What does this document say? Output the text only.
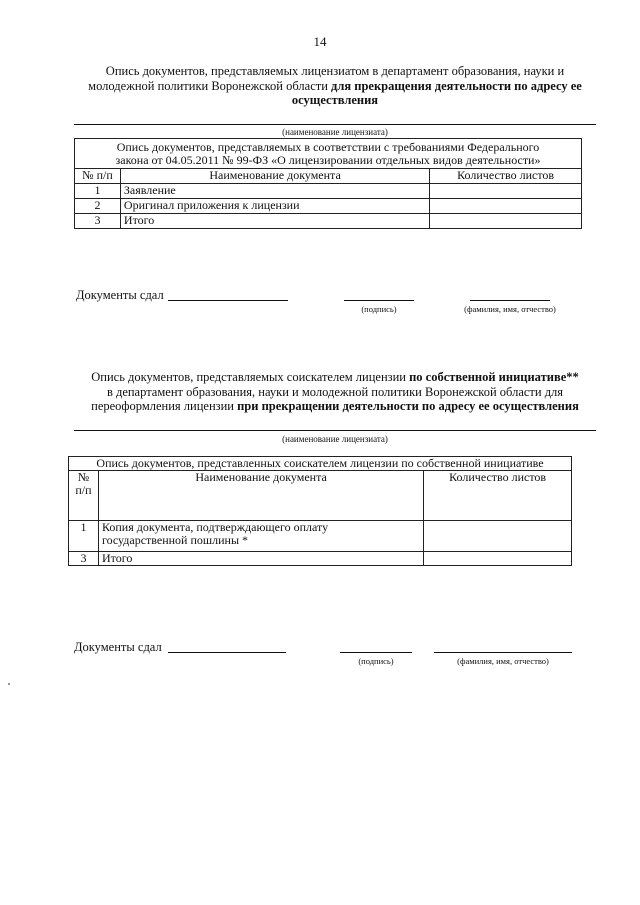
14
Опись документов, представляемых лицензиатом в департамент образования, науки и
молодежной политики Воронежской области для прекращения деятельности по адресу ее
осуществления
(наименование лицензиата)
Опись документов, представляемых в соответствии с требованиями Федерального
закона от 04.05.2011 № 99-ФЗ «О лицензировании отдельных видов деятельности»		

№ п/п	Наименование документа	Количество листов
1	Заявление	
2	Оригинал приложения к лицензии	
3	Итого	
Документы сдал
(подпись)	(фамилия, имя, отчество)
Опись документов, представляемых соискателем лицензии по собственной инициативе**
в департамент образования, науки и молодежной политики Воронежской области для
переоформления лицензии при прекращении деятельности по адресу ее осуществления
(наименование лицензиата)
Опись документов, представленных соискателем лицензии по собственной инициативе		

№
п/п	Наименование документа	Количество листов
1	Копия документа, подтверждающего оплату
государственной пошлины *	

3	Итого	
Документы сдал
(подпись)	(фамилия, имя, отчество)
